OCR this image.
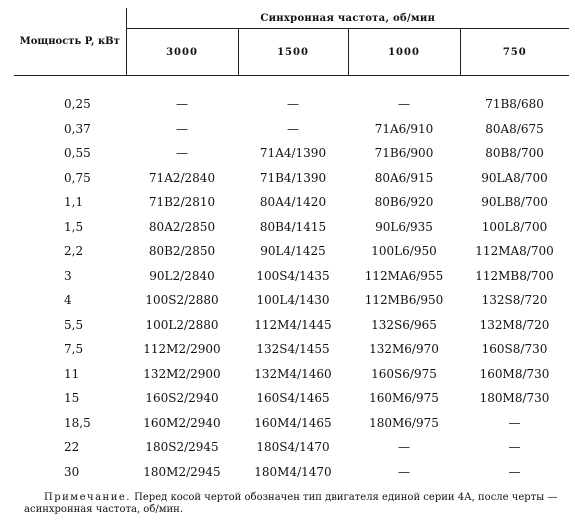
Мощность P, кВт	Синхронная частота, об/мин			
	3000	1500	1000	750

0,25	—	—	—	71B8/680
0,37	—	—	71A6/910	80A8/675
0,55	—	71A4/1390	71B6/900	80B8/700
0,75	71A2/2840	71B4/1390	80A6/915	90LA8/700
1,1	71B2/2810	80A4/1420	80B6/920	90LB8/700
1,5	80A2/2850	80B4/1415	90L6/935	100L8/700
2,2	80B2/2850	90L4/1425	100L6/950	112MA8/700
3	90L2/2840	100S4/1435	112MA6/955	112MB8/700
4	100S2/2880	100L4/1430	112MB6/950	132S8/720
5,5	100L2/2880	112M4/1445	132S6/965	132M8/720
7,5	112M2/2900	132S4/1455	132M6/970	160S8/730
11	132M2/2900	132M4/1460	160S6/975	160M8/730
15	160S2/2940	160S4/1465	160M6/975	180M8/730
18,5	160M2/2940	160M4/1465	180M6/975	—
22	180S2/2945	180S4/1470	—	—
30	180M2/2945	180M4/1470	—	—
Примечание. Перед косой чертой обозначен тип двигателя единой серии 4А, после черты — асинхронная частота, об/мин.
